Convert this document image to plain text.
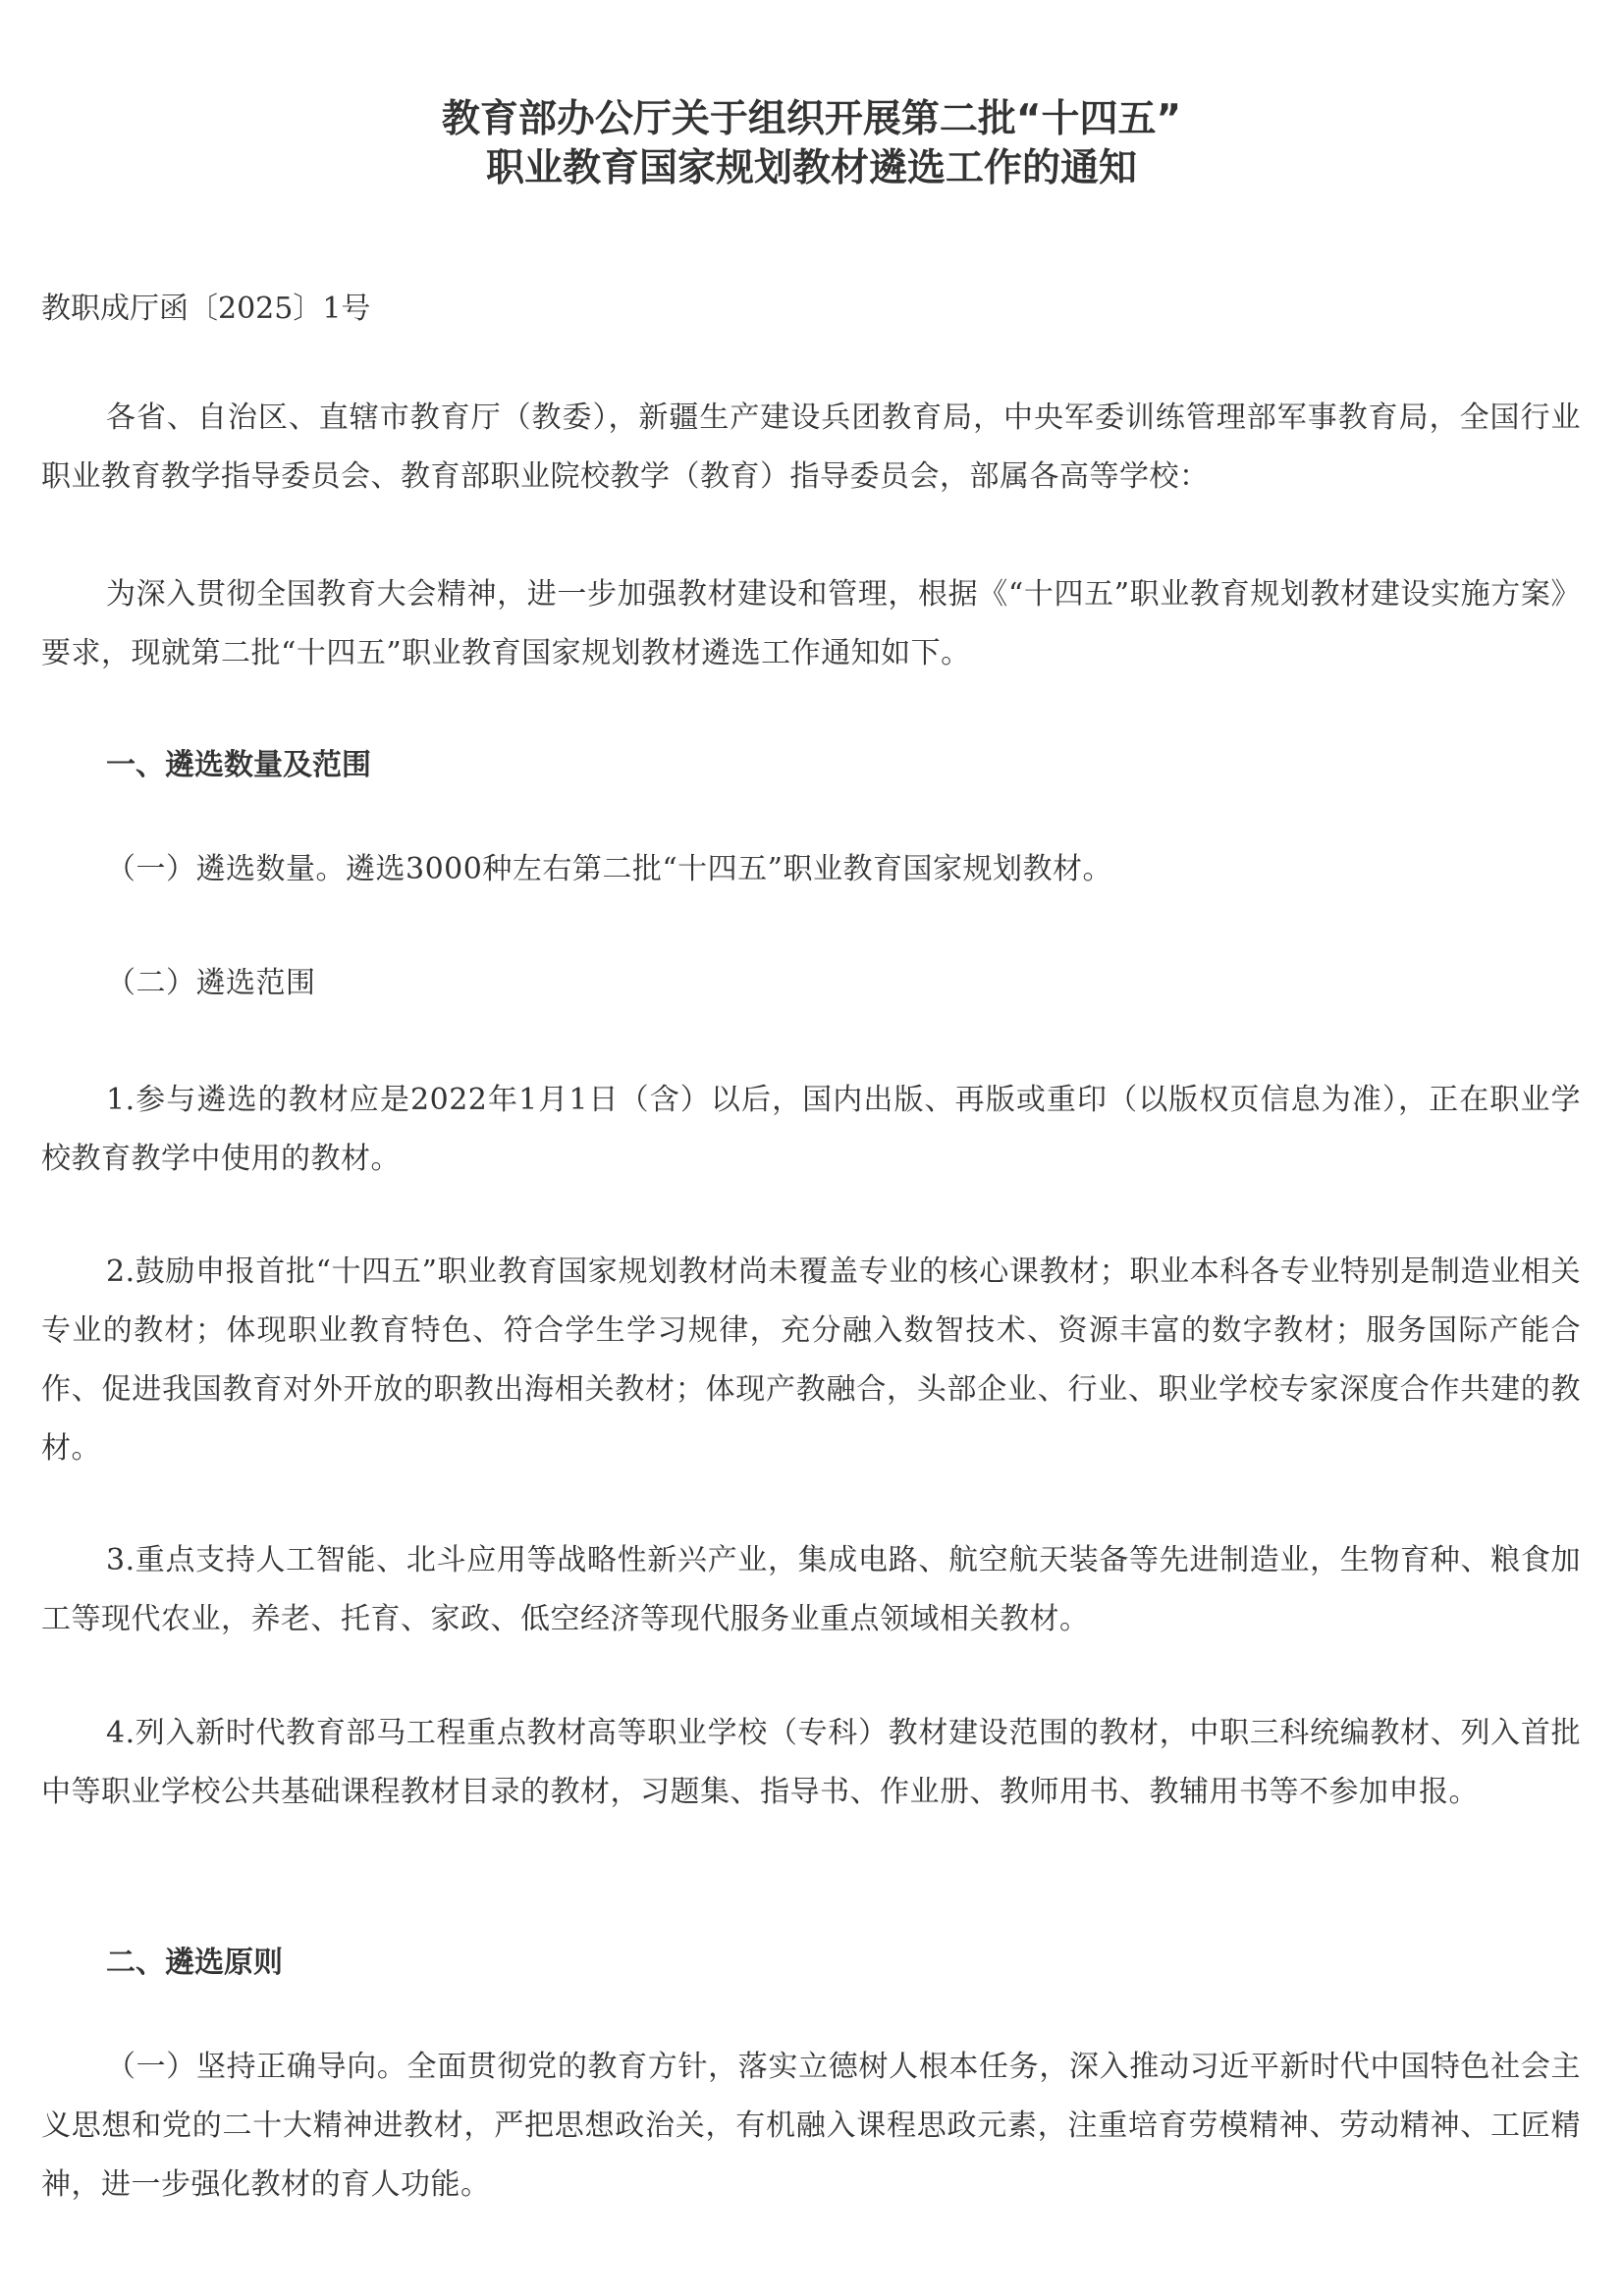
教育部办公厅关于组织开展第二批“十四五”
职业教育国家规划教材遴选工作的通知
教职成厅函〔2025〕1号

各省、自治区、直辖市教育厅（教委），新疆生产建设兵团教育局，中央军委训练管理部军事教育局，全国行业职业教育教学指导委员会、教育部职业院校教学（教育）指导委员会，部属各高等学校：

为深入贯彻全国教育大会精神，进一步加强教材建设和管理，根据《“十四五”职业教育规划教材建设实施方案》要求，现就第二批“十四五”职业教育国家规划教材遴选工作通知如下。

一、遴选数量及范围

（一）遴选数量。遴选3000种左右第二批“十四五”职业教育国家规划教材。

（二）遴选范围

1.参与遴选的教材应是2022年1月1日（含）以后，国内出版、再版或重印（以版权页信息为准），正在职业学校教育教学中使用的教材。

2.鼓励申报首批“十四五”职业教育国家规划教材尚未覆盖专业的核心课教材；职业本科各专业特别是制造业相关专业的教材；体现职业教育特色、符合学生学习规律，充分融入数智技术、资源丰富的数字教材；服务国际产能合作、促进我国教育对外开放的职教出海相关教材；体现产教融合，头部企业、行业、职业学校专家深度合作共建的教材。

3.重点支持人工智能、北斗应用等战略性新兴产业，集成电路、航空航天装备等先进制造业，生物育种、粮食加工等现代农业，养老、托育、家政、低空经济等现代服务业重点领域相关教材。

4.列入新时代教育部马工程重点教材高等职业学校（专科）教材建设范围的教材，中职三科统编教材、列入首批中等职业学校公共基础课程教材目录的教材，习题集、指导书、作业册、教师用书、教辅用书等不参加申报。

二、遴选原则

（一）坚持正确导向。全面贯彻党的教育方针，落实立德树人根本任务，深入推动习近平新时代中国特色社会主义思想和党的二十大精神进教材，严把思想政治关，有机融入课程思政元素，注重培育劳模精神、劳动精神、工匠精神，进一步强化教材的育人功能。
